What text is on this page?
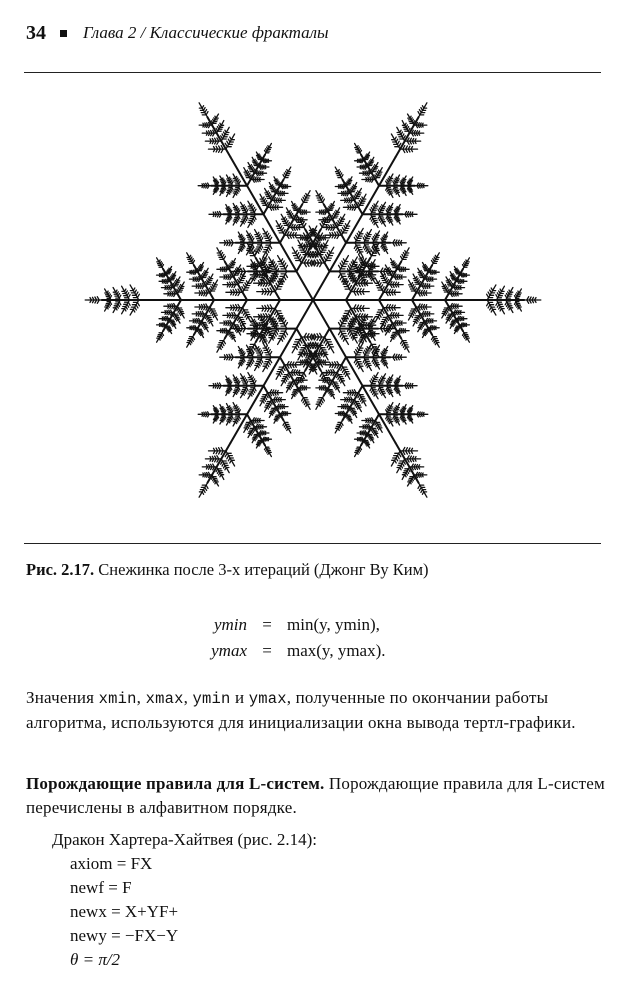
34 Глава 2 / Классические фракталы
Рис. 2.17. Снежинка после 3-х итераций (Джонг Ву Ким)
ymin = min(y, ymin),
ymax = max(y, ymax).
Значения xmin, xmax, ymin и ymax, полученные по окончании работы алгоритма, используются для инициализации окна вывода тертл-графики.
Порождающие правила для L-систем. Порождающие правила для L-систем перечислены в алфавитном порядке.
Дракон Хартера-Хайтвея (рис. 2.14):
axiom = FX
newf = F
newx = X+YF+
newy = −FX−Y
θ = π/2
